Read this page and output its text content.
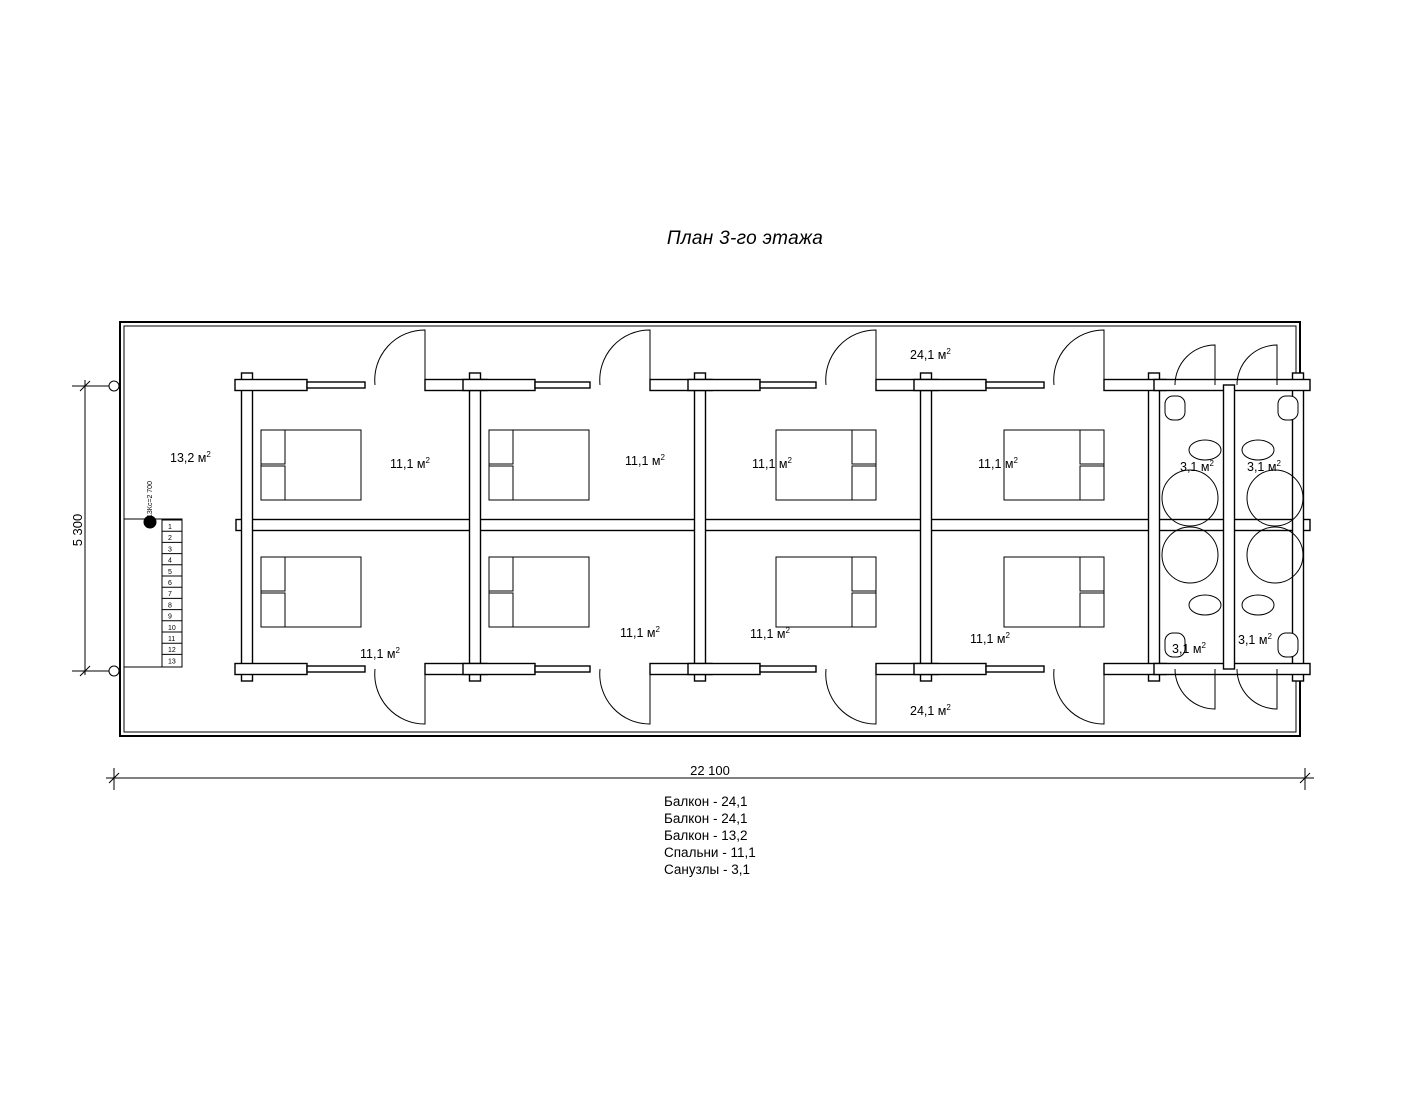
План 3-го этажа
5 300
22 100
1
2
3
4
5
6
7
8
9
10
11
12
13
13Кс=2 700
13,2 $м^2$
24,1 $м^2$
24,1 $м^2$
11,1 $м^2$	11,1 $м^2$	11,1 $м^2$	11,1 $м^2$
11,1 $м^2$
11,1 $м^2$	11,1 $м^2$
11,1 $м^2$
3,1 $м^2$	3,1 $м^2$
3,1 $м^2$	3,1 $м^2$
Балкон - 24,1
Балкон - 24,1
Балкон - 13,2
Спальни - 11,1
Санузлы - 3,1
